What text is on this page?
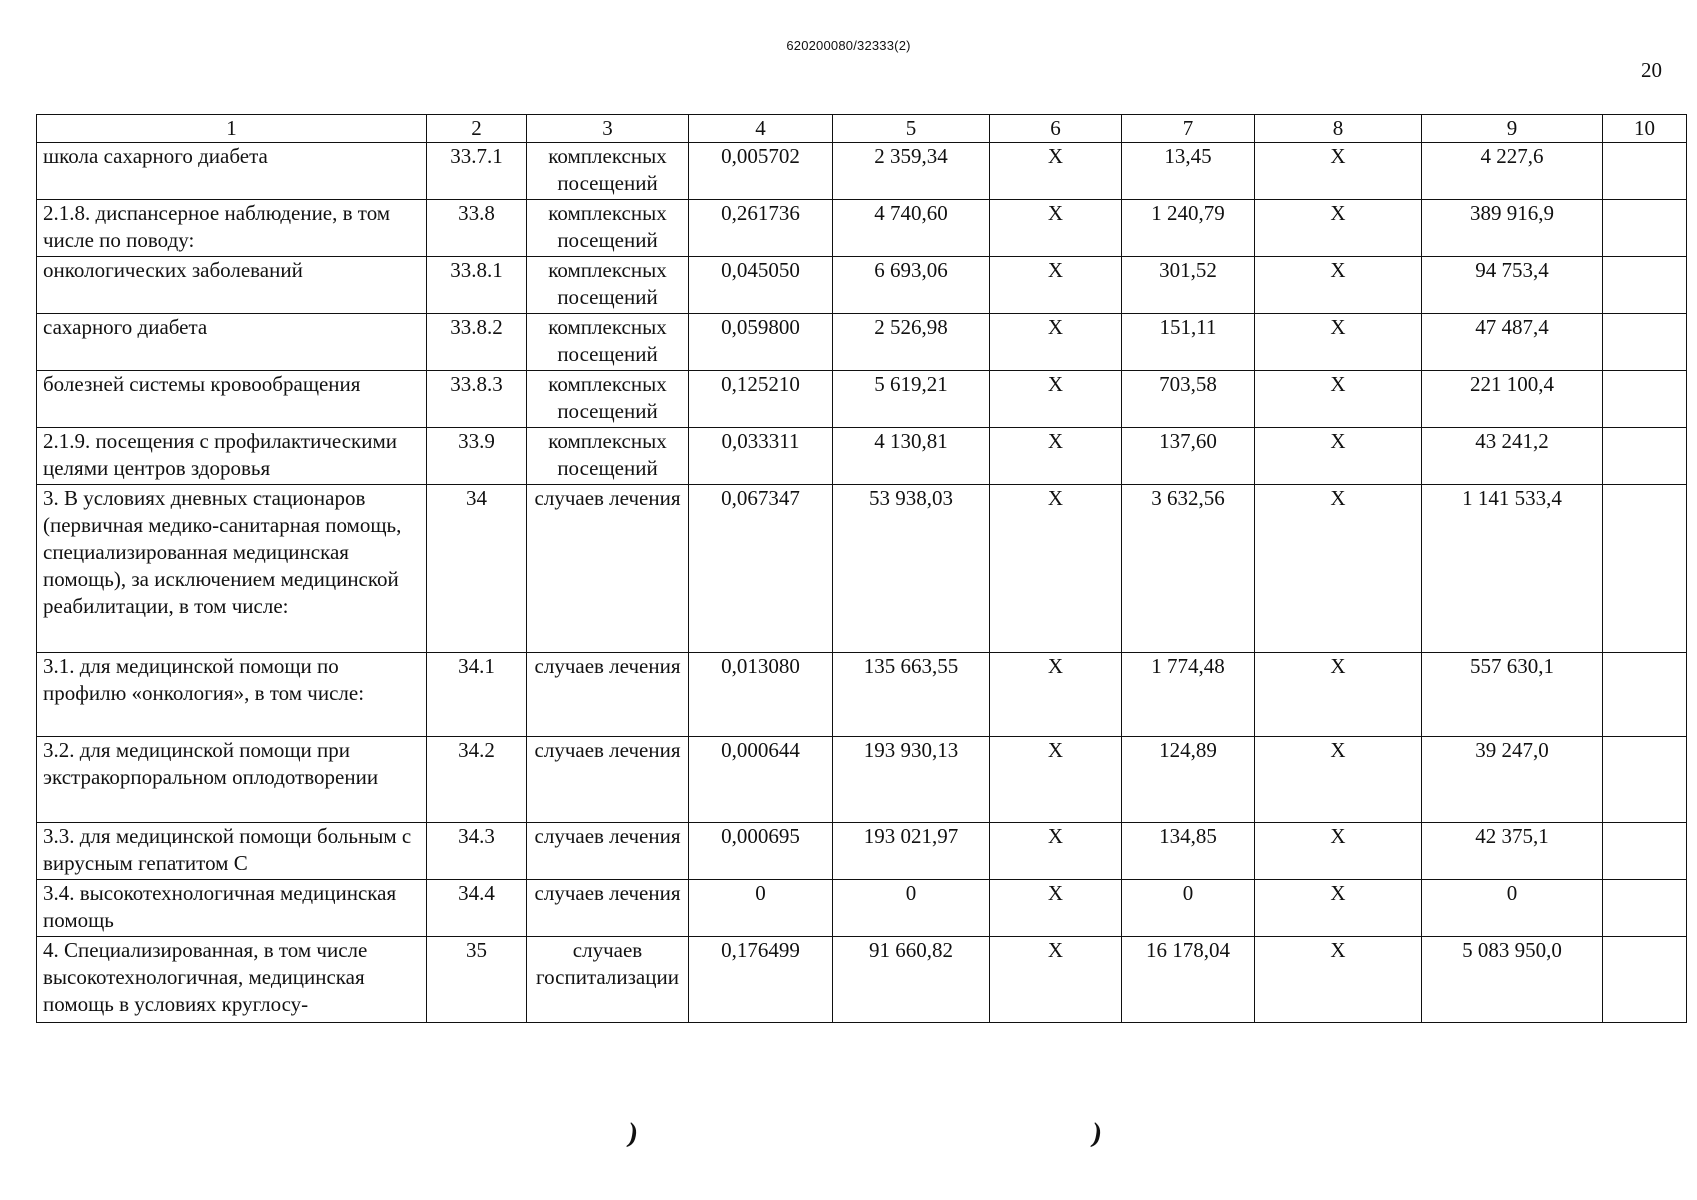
620200080/32333(2)
20
1	2	3	4	5	6	7	8	9	10
школа сахарного диабета	33.7.1	комплексных посещений	0,005702	2 359,34	X	13,45	X	4 227,6	
2.1.8. диспансерное наблюдение, в том числе по поводу:	33.8	комплексных посещений	0,261736	4 740,60	X	1 240,79	X	389 916,9	
онкологических заболеваний	33.8.1	комплексных посещений	0,045050	6 693,06	X	301,52	X	94 753,4	
сахарного диабета	33.8.2	комплексных посещений	0,059800	2 526,98	X	151,11	X	47 487,4	
болезней системы кровообращения	33.8.3	комплексных посещений	0,125210	5 619,21	X	703,58	X	221 100,4	
2.1.9. посещения с профилактическими целями центров здоровья	33.9	комплексных посещений	0,033311	4 130,81	X	137,60	X	43 241,2	
3. В условиях дневных стационаров (первичная медико-санитарная помощь, специализированная медицинская помощь), за исключением медицинской реабилитации, в том числе:	34	случаев лечения	0,067347	53 938,03	X	3 632,56	X	1 141 533,4	
3.1. для медицинской помощи по профилю «онкология», в том числе:	34.1	случаев лечения	0,013080	135 663,55	X	1 774,48	X	557 630,1	
3.2. для медицинской помощи при экстракорпоральном оплодотворении	34.2	случаев лечения	0,000644	193 930,13	X	124,89	X	39 247,0	
3.3. для медицинской помощи больным с вирусным гепатитом C	34.3	случаев лечения	0,000695	193 021,97	X	134,85	X	42 375,1	
3.4. высокотехнологичная медицинская помощь	34.4	случаев лечения	0	0	X	0	X	0	
4. Специализированная, в том числе высокотехнологичная, медицинская помощь в условиях круглосу-	35	случаев госпитализации	0,176499	91 660,82	X	16 178,04	X	5 083 950,0	
)	)
